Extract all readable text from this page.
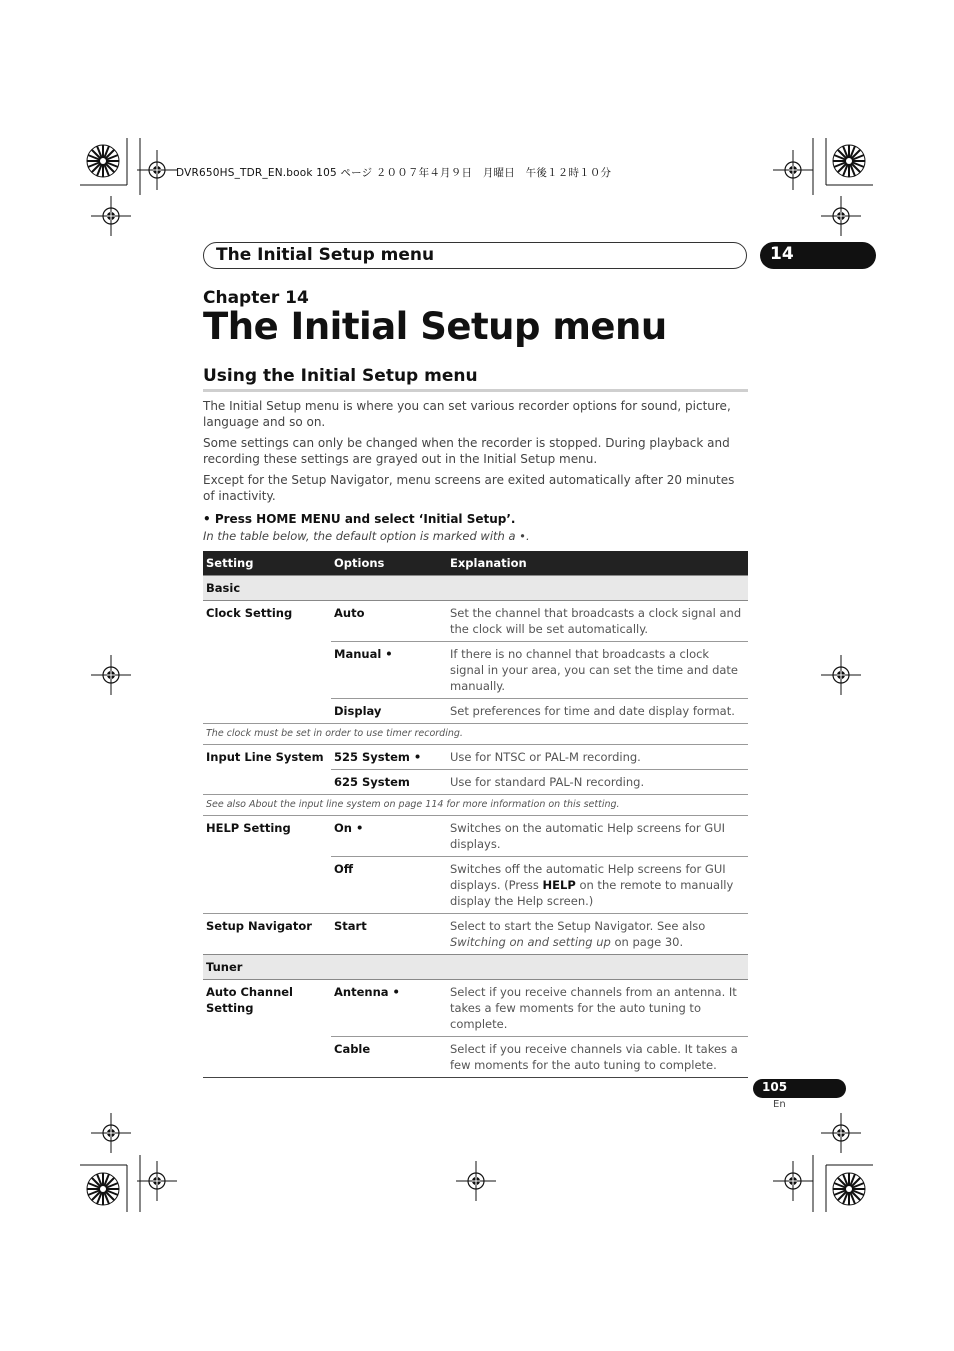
DVR650HS_TDR_EN.book 105 ページ ２００７年４月９日　月曜日　午後１２時１０分
The Initial Setup menu	14
Chapter 14
The Initial Setup menu
Using the Initial Setup menu
The Initial Setup menu is where you can set various recorder options for sound, picture, language and so on.
Some settings can only be changed when the recorder is stopped. During playback and recording these settings are grayed out in the Initial Setup menu.
Except for the Setup Navigator, menu screens are exited automatically after 20 minutes of inactivity.
• Press HOME MENU and select ‘Initial Setup’.
In the table below, the default option is marked with a •.
Setting	Options	Explanation
Basic		
Clock Setting	Auto	Set the channel that broadcasts a clock signal and the clock will be set automatically.
	Manual •	If there is no channel that broadcasts a clock signal in your area, you can set the time and date manually.
	Display	Set preferences for time and date display format.
The clock must be set in order to use timer recording.		
Input Line System	525 System •	Use for NTSC or PAL-M recording.
	625 System	Use for standard PAL-N recording.
See also About the input line system on page 114 for more information on this setting.		
HELP Setting	On •	Switches on the automatic Help screens for GUI displays.
	Off	Switches off the automatic Help screens for GUI displays. (Press HELP on the remote to manually display the Help screen.)
Setup Navigator	Start	Select to start the Setup Navigator. See also Switching on and setting up on page 30.
Tuner		
Auto Channel Setting	Antenna •	Select if you receive channels from an antenna. It takes a few moments for the auto tuning to complete.
	Cable	Select if you receive channels via cable. It takes a few moments for the auto tuning to complete.
105
En
